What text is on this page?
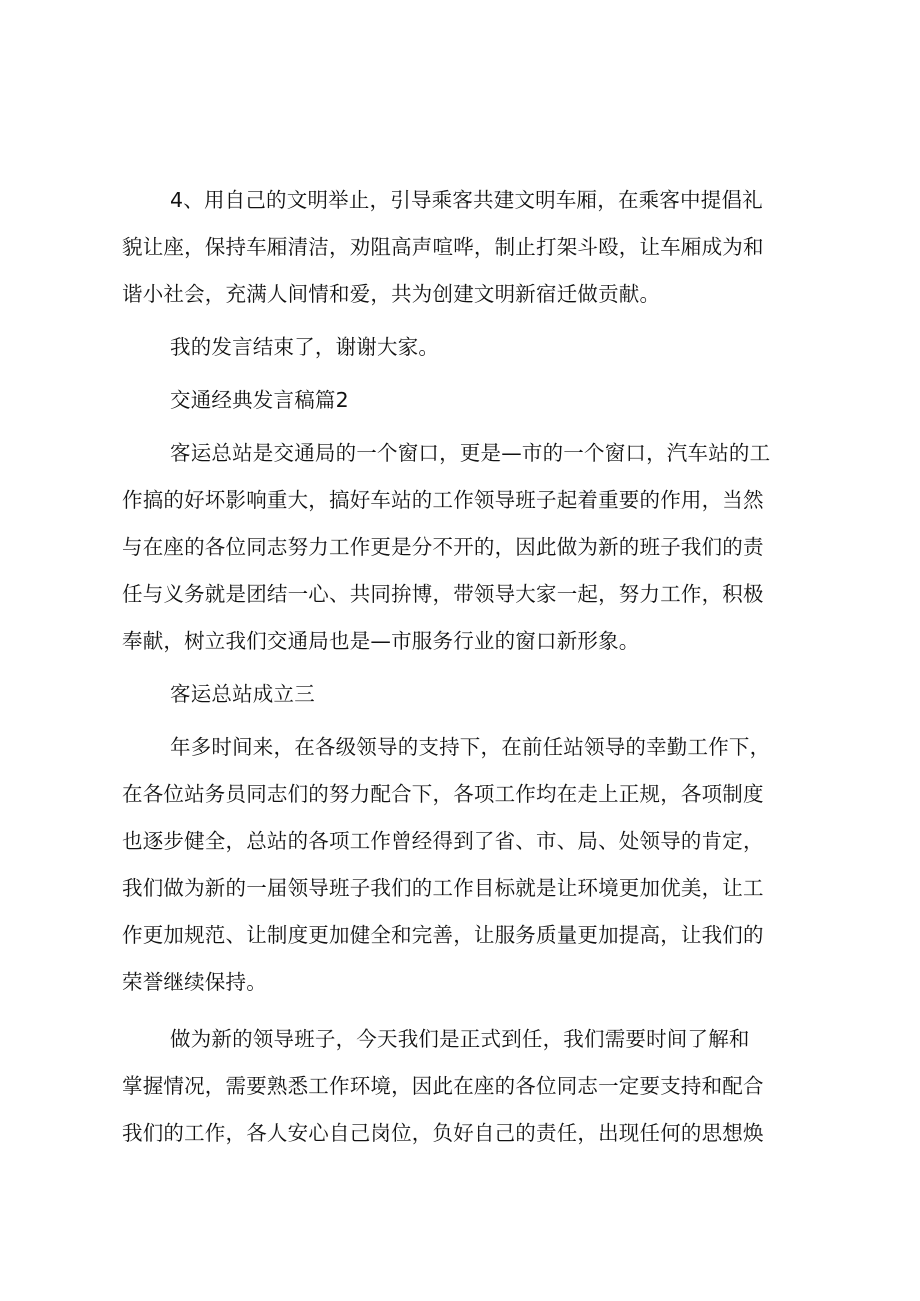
4、用自己的文明举止，引导乘客共建文明车厢，在乘客中提倡礼
貌让座，保持车厢清洁，劝阻高声喧哗，制止打架斗殴，让车厢成为和
谐小社会，充满人间情和爱，共为创建文明新宿迁做贡献。
我的发言结束了，谢谢大家。
交通经典发言稿篇2
客运总站是交通局的一个窗口，更是—市的一个窗口，汽车站的工
作搞的好坏影响重大，搞好车站的工作领导班子起着重要的作用，当然
与在座的各位同志努力工作更是分不开的，因此做为新的班子我们的责
任与义务就是团结一心、共同拚博，带领导大家一起，努力工作，积极
奉献，树立我们交通局也是—市服务行业的窗口新形象。
客运总站成立三
年多时间来，在各级领导的支持下，在前任站领导的幸勤工作下，
在各位站务员同志们的努力配合下，各项工作均在走上正规，各项制度
也逐步健全，总站的各项工作曾经得到了省、市、局、处领导的肯定，
我们做为新的一届领导班子我们的工作目标就是让环境更加优美，让工
作更加规范、让制度更加健全和完善，让服务质量更加提高，让我们的
荣誉继续保持。
做为新的领导班子，今天我们是正式到任，我们需要时间了解和
掌握情况，需要熟悉工作环境，因此在座的各位同志一定要支持和配合
我们的工作，各人安心自己岗位，负好自己的责任，出现任何的思想焕
